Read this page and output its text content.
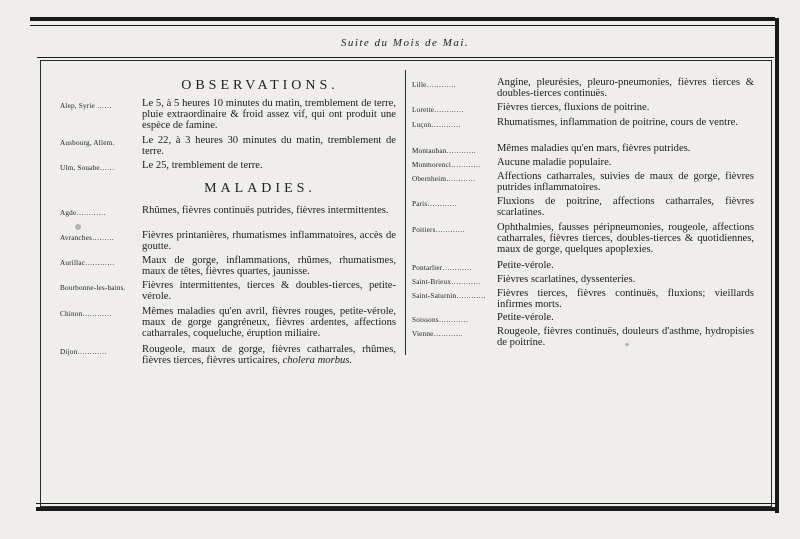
Suite du Mois de Mai.
OBSERVATIONS.
Alep, Syrie ……	Le 5, à 5 heures 10 minutes du matin, tremblement de terre, pluie extraordinaire & froid assez vif, qui ont produit une espèce de famine.
Ausbourg, Allem.	Le 22, à 3 heures 30 minutes du matin, tremblement de terre.
Ulm, Souabe……	Le 25, tremblement de terre.
MALADIES.
Agde…………	Rhûmes, fièvres continuës putrides, fièvres intermittentes.
Avranches………	Fièvres printanières, rhumatismes inflammatoires, accès de goutte.
Aurillac…………	Maux de gorge, inflammations, rhûmes, rhumatismes, maux de têtes, fièvres quartes, jaunisse.
Bourbonne-les-bains. Fièvres intermittentes, tierces & doubles-tierces, petite-vérole.
Chinon…………	Mêmes maladies qu'en avril, fièvres rouges, petite-vérole, maux de gorge gangréneux, fièvres ardentes, affections catharrales, coqueluche, éruption miliaire.
Dijon…………	Rougeole, maux de gorge, fièvres catharrales, rhûmes, fièvres tierces, fièvres urticaires, cholera morbus.
Lille…………	Angine, pleurésies, pleuro-pneumonies, fièvres tierces & doubles-tierces continuës.
Lorette…………	Fièvres tierces, fluxions de poitrine.
Luçon…………	Rhumatismes, inflammation de poitrine, cours de ventre.
Montauban………… Mêmes maladies qu'en mars, fièvres putrides.
Monmorenci………… Aucune maladie populaire.
Obernheim………… Affections catharrales, suivies de maux de gorge, fièvres putrides inflammatoires.
Paris…………	Fluxions de poitrine, affections catharrales, fièvres scarlatines.
Poitiers…………	Ophthalmies, fausses péripneumonies, rougeole, affections catharrales, fièvres tierces, doubles-tierces & quotidiennes, maux de gorge, quelques apoplexies.
Pontarlier………… Petite-vérole.
Saint-Brieux………… Fièvres scarlatines, dyssenteries.
Saint-Saturnin………… Fièvres tierces, fièvres continuës, fluxions; vieillards infirmes morts.
Soissons…………	Petite-vérole.
Vienne…………	Rougeole, fièvres continuës, douleurs d'asthme, hydropisies de poitrine.
